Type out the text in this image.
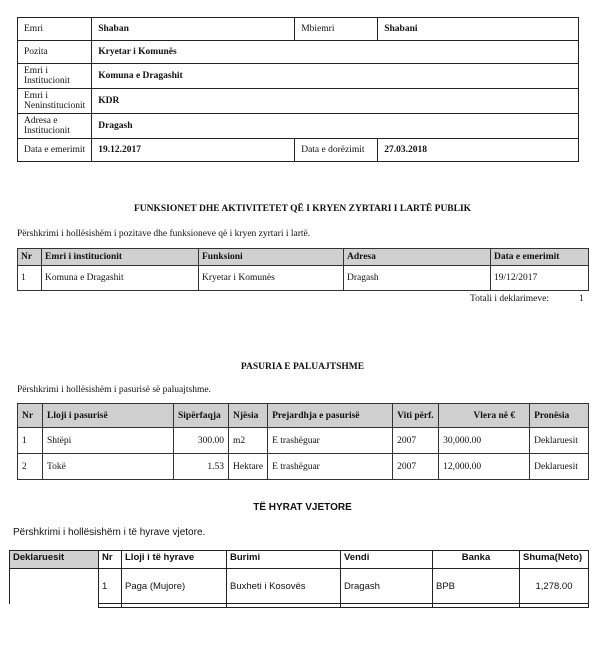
Emri	Shaban	Mbiemri	Shabani
Pozita	Kryetar i Komunës		
Emri i Institucionit	Komuna e Dragashit		
Emri i Neninstitucionit	KDR		
Adresa e Institucionit	Dragash		
Data e emerimit	19.12.2017	Data e dorëzimit	27.03.2018
FUNKSIONET DHE AKTIVITETET QË I KRYEN ZYRTARI I LARTË PUBLIK
Përshkrimi i hollësishëm i pozitave dhe funksioneve që i kryen zyrtari i lartë.
Nr	Emri i institucionit	Funksioni	Adresa	Data e emerimit
1	Komuna e Dragashit	Kryetar i Komunës	Dragash	19/12/2017
Totali i deklarimeve:	1
PASURIA E PALUAJTSHME
Përshkrimi i hollësishëm i pasurisë së paluajtshme.
Nr	Lloji i pasurisë	Sipërfaqja	Njësia	Prejardhja e pasurisë	Viti përf.	Vlera në €	Pronësia
1	Shtëpi	300.00	m2	E trashëguar	2007	30,000.00	Deklaruesit
2	Tokë	1.53	Hektare	E trashëguar	2007	12,000.00	Deklaruesit
TË HYRAT VJETORE
Përshkrimi i hollësishëm i të hyrave vjetore.
Deklaruesit	Nr	Lloji i të hyrave	Burimi	Vendi	Banka	Shuma(Neto)
	1	Paga (Mujore)	Buxheti i Kosovës	Dragash	BPB	1,278.00
